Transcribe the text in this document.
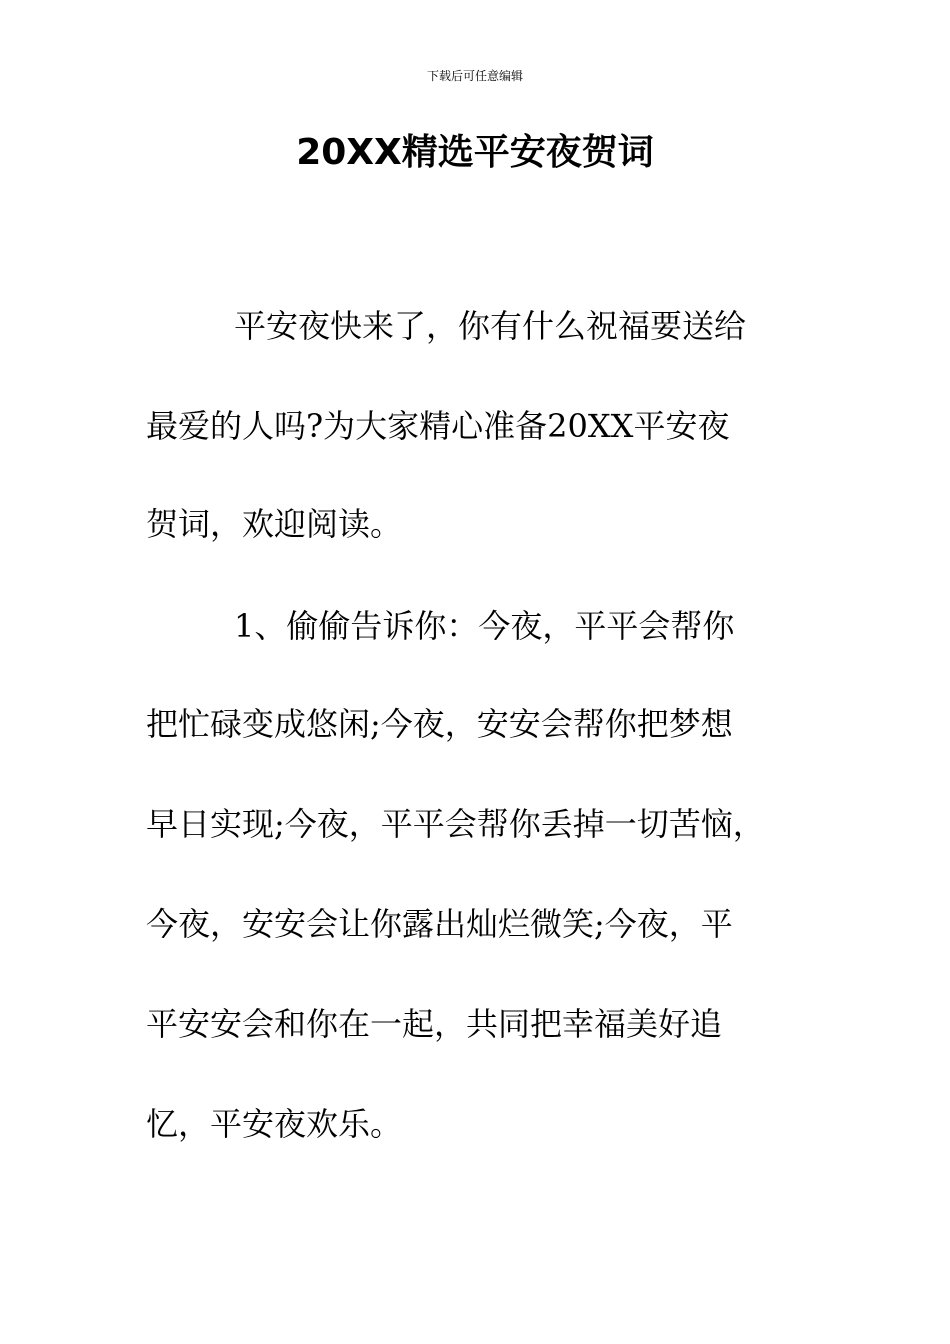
下载后可任意编辑
20XX精选平安夜贺词
平安夜快来了，你有什么祝福要送给
最爱的人吗?为大家精心准备20XX平安夜
贺词，欢迎阅读。
1、偷偷告诉你：今夜，平平会帮你
把忙碌变成悠闲;今夜，安安会帮你把梦想
早日实现;今夜，平平会帮你丢掉一切苦恼，
今夜，安安会让你露出灿烂微笑;今夜，平
平安安会和你在一起，共同把幸福美好追
忆，平安夜欢乐。
